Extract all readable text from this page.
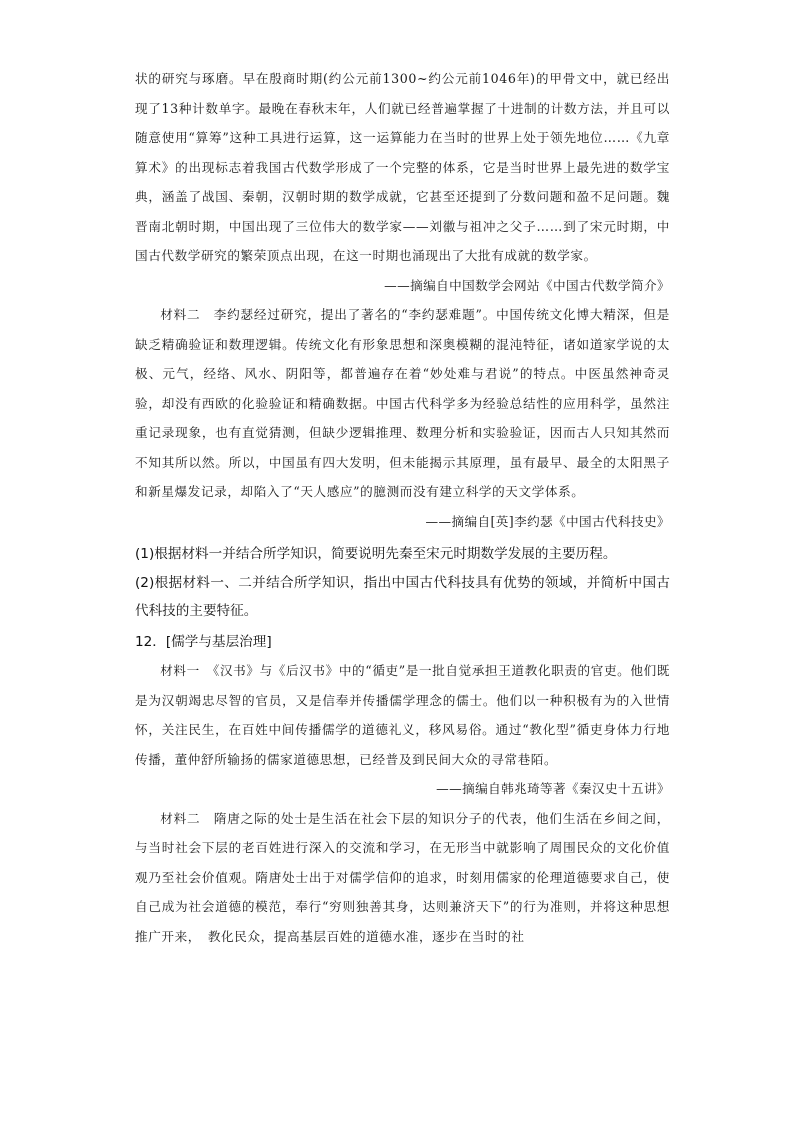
状的研究与琢磨。早在殷商时期(约公元前1300~约公元前1046年)的甲骨文中，就已经出现了13种计数单字。最晚在春秋末年，人们就已经普遍掌握了十进制的计数方法，并且可以随意使用“算筹”这种工具进行运算，这一运算能力在当时的世界上处于领先地位……《九章算术》的出现标志着我国古代数学形成了一个完整的体系，它是当时世界上最先进的数学宝典，涵盖了战国、秦朝，汉朝时期的数学成就，它甚至还提到了分数问题和盈不足问题。魏晋南北朝时期，中国出现了三位伟大的数学家——刘徽与祖冲之父子……到了宋元时期，中国古代数学研究的繁荣顶点出现，在这一时期也涌现出了大批有成就的数学家。

——摘编自中国数学会网站《中国古代数学简介》

材料二　李约瑟经过研究，提出了著名的“李约瑟难题”。中国传统文化博大精深，但是缺乏精确验证和数理逻辑。传统文化有形象思想和深奥模糊的混沌特征，诸如道家学说的太极、元气，经络、风水、阴阳等，都普遍存在着“妙处难与君说”的特点。中医虽然神奇灵验，却没有西欧的化验验证和精确数据。中国古代科学多为经验总结性的应用科学，虽然注重记录现象，也有直觉猜测，但缺少逻辑推理、数理分析和实验验证，因而古人只知其然而不知其所以然。所以，中国虽有四大发明，但未能揭示其原理，虽有最早、最全的太阳黑子和新星爆发记录，却陷入了“天人感应”的臆测而没有建立科学的天文学体系。

——摘编自[英]李约瑟《中国古代科技史》

(1)根据材料一并结合所学知识，简要说明先秦至宋元时期数学发展的主要历程。

(2)根据材料一、二并结合所学知识，指出中国古代科技具有优势的领域，并简析中国古代科技的主要特征。

12．[儒学与基层治理]

材料一　《汉书》与《后汉书》中的“循吏”是一批自觉承担王道教化职责的官吏。他们既是为汉朝竭忠尽智的官员，又是信奉并传播儒学理念的儒士。他们以一种积极有为的入世情怀，关注民生，在百姓中间传播儒学的道德礼义，移风易俗。通过“教化型”循吏身体力行地传播，董仲舒所输扬的儒家道德思想，已经普及到民间大众的寻常巷陌。

——摘编自韩兆琦等著《秦汉史十五讲》

材料二　隋唐之际的处士是生活在社会下层的知识分子的代表，他们生活在乡间之间，与当时社会下层的老百姓进行深入的交流和学习，在无形当中就影响了周围民众的文化价值观乃至社会价值观。隋唐处士出于对儒学信仰的追求，时刻用儒家的伦理道德要求自己，使自己成为社会道德的模范，奉行“穷则独善其身，达则兼济天下”的行为准则，并将这种思想推广开来，　教化民众，提高基层百姓的道德水准，逐步在当时的社
